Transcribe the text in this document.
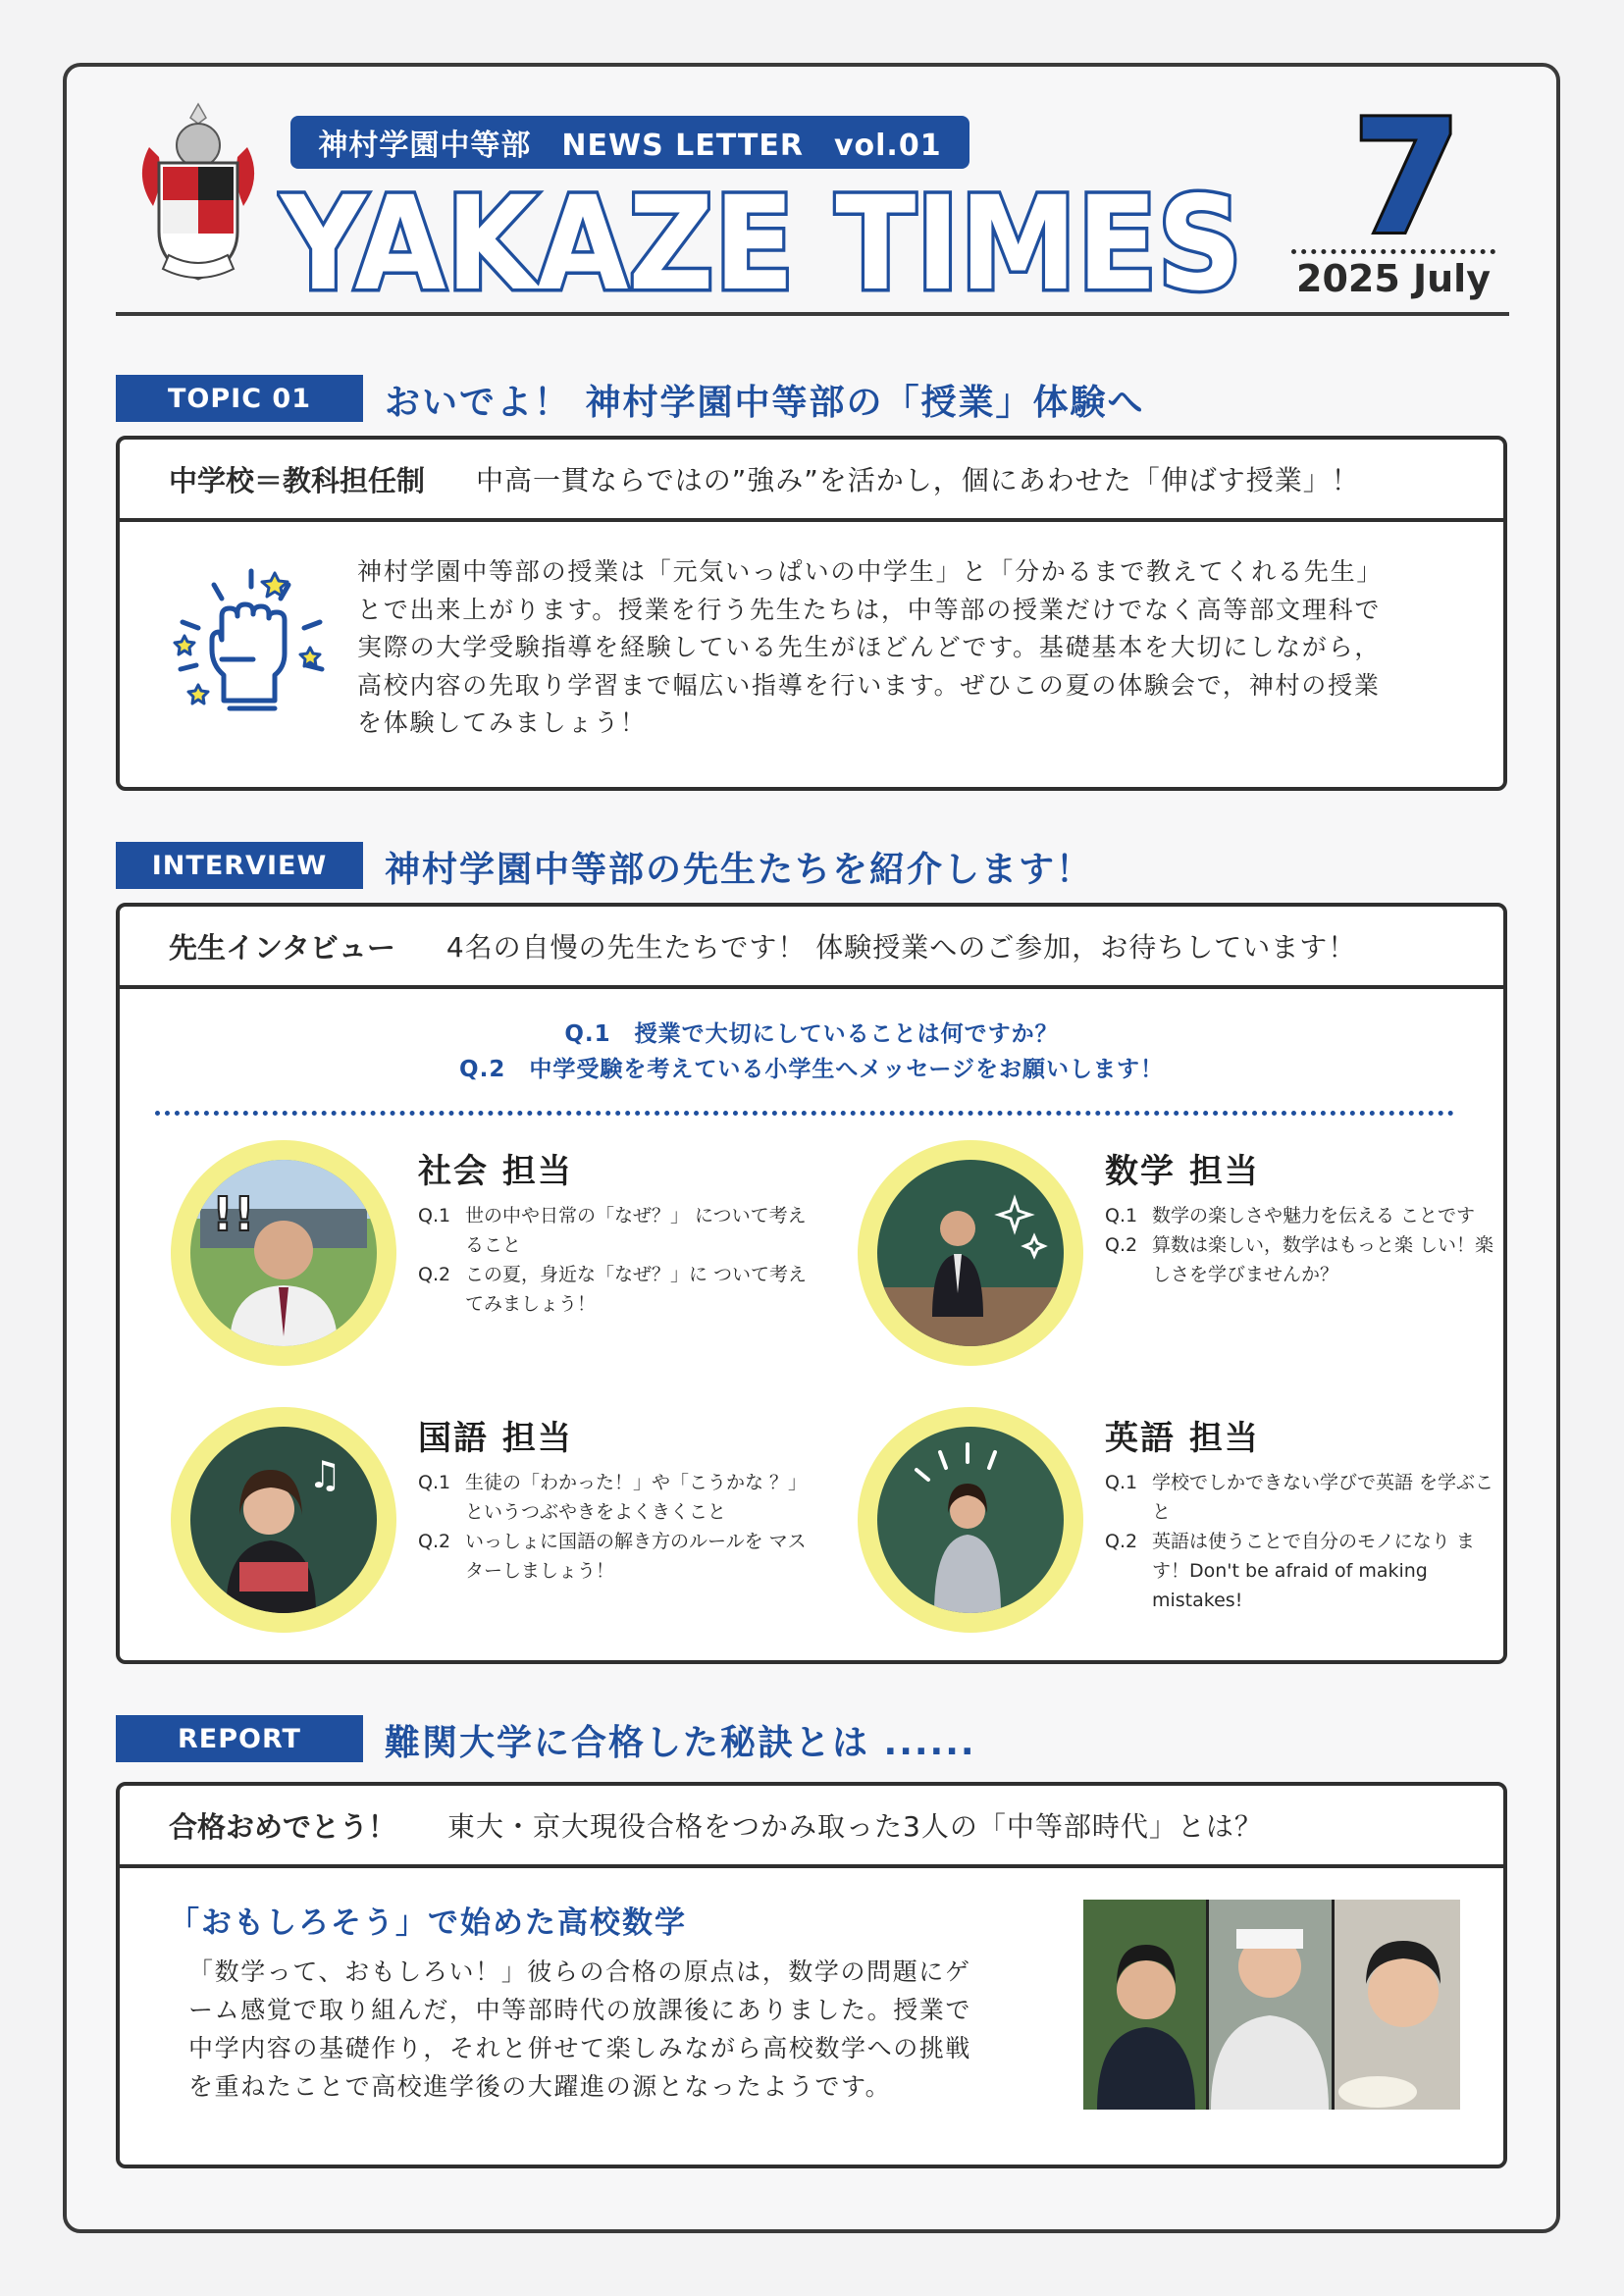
神村学園中等部　NEWS LETTER　vol.01
YAKAZE TIMES 7
2025 July
TOPIC 01	おいでよ！ 神村学園中等部の「授業」体験へ
中学校＝教科担任制 中高一貫ならではの”強み”を活かし，個にあわせた「伸ばす授業」！
神村学園中等部の授業は「元気いっぱいの中学生」と「分かるまで教えてくれる先生」
とで出来上がります。授業を行う先生たちは，中等部の授業だけでなく高等部文理科で
実際の大学受験指導を経験している先生がほどんどです。基礎基本を大切にしながら，
高校内容の先取り学習まで幅広い指導を行います。ぜひこの夏の体験会で，神村の授業
を体験してみましょう！
INTERVIEW	神村学園中等部の先生たちを紹介します！
先生インタビュー 4名の自慢の先生たちです！ 体験授業へのご参加，お待ちしています！
Q.1　授業で大切にしていることは何ですか？
Q.2　中学受験を考えている小学生へメッセージをお願いします！
!!
社会 担当
Q.1 世の中や日常の「なぜ？」 について考えること
Q.2 この夏，身近な「なぜ？」に ついて考えてみましょう！
数学 担当
Q.1 数学の楽しさや魅力を伝える ことです
Q.2 算数は楽しい，数学はもっと楽 しい！楽しさを学びませんか？
♫
国語 担当
Q.1 生徒の「わかった！」や「こうかな ？」というつぶやきをよくきくこと
Q.2 いっしょに国語の解き方のルールを マスターしましょう！
英語 担当
Q.1 学校でしかできない学びで英語 を学ぶこと
Q.2 英語は使うことで自分のモノになり ます！Don't be afraid of making mistakes!
REPORT	難関大学に合格した秘訣とは ......
合格おめでとう！ 東大・京大現役合格をつかみ取った3人の「中等部時代」とは？
「おもしろそう」で始めた高校数学
「数学って、おもしろい！」彼らの合格の原点は，数学の問題にゲ
ーム感覚で取り組んだ，中等部時代の放課後にありました。授業で
中学内容の基礎作り，それと併せて楽しみながら高校数学への挑戦
を重ねたことで高校進学後の大躍進の源となったようです。
